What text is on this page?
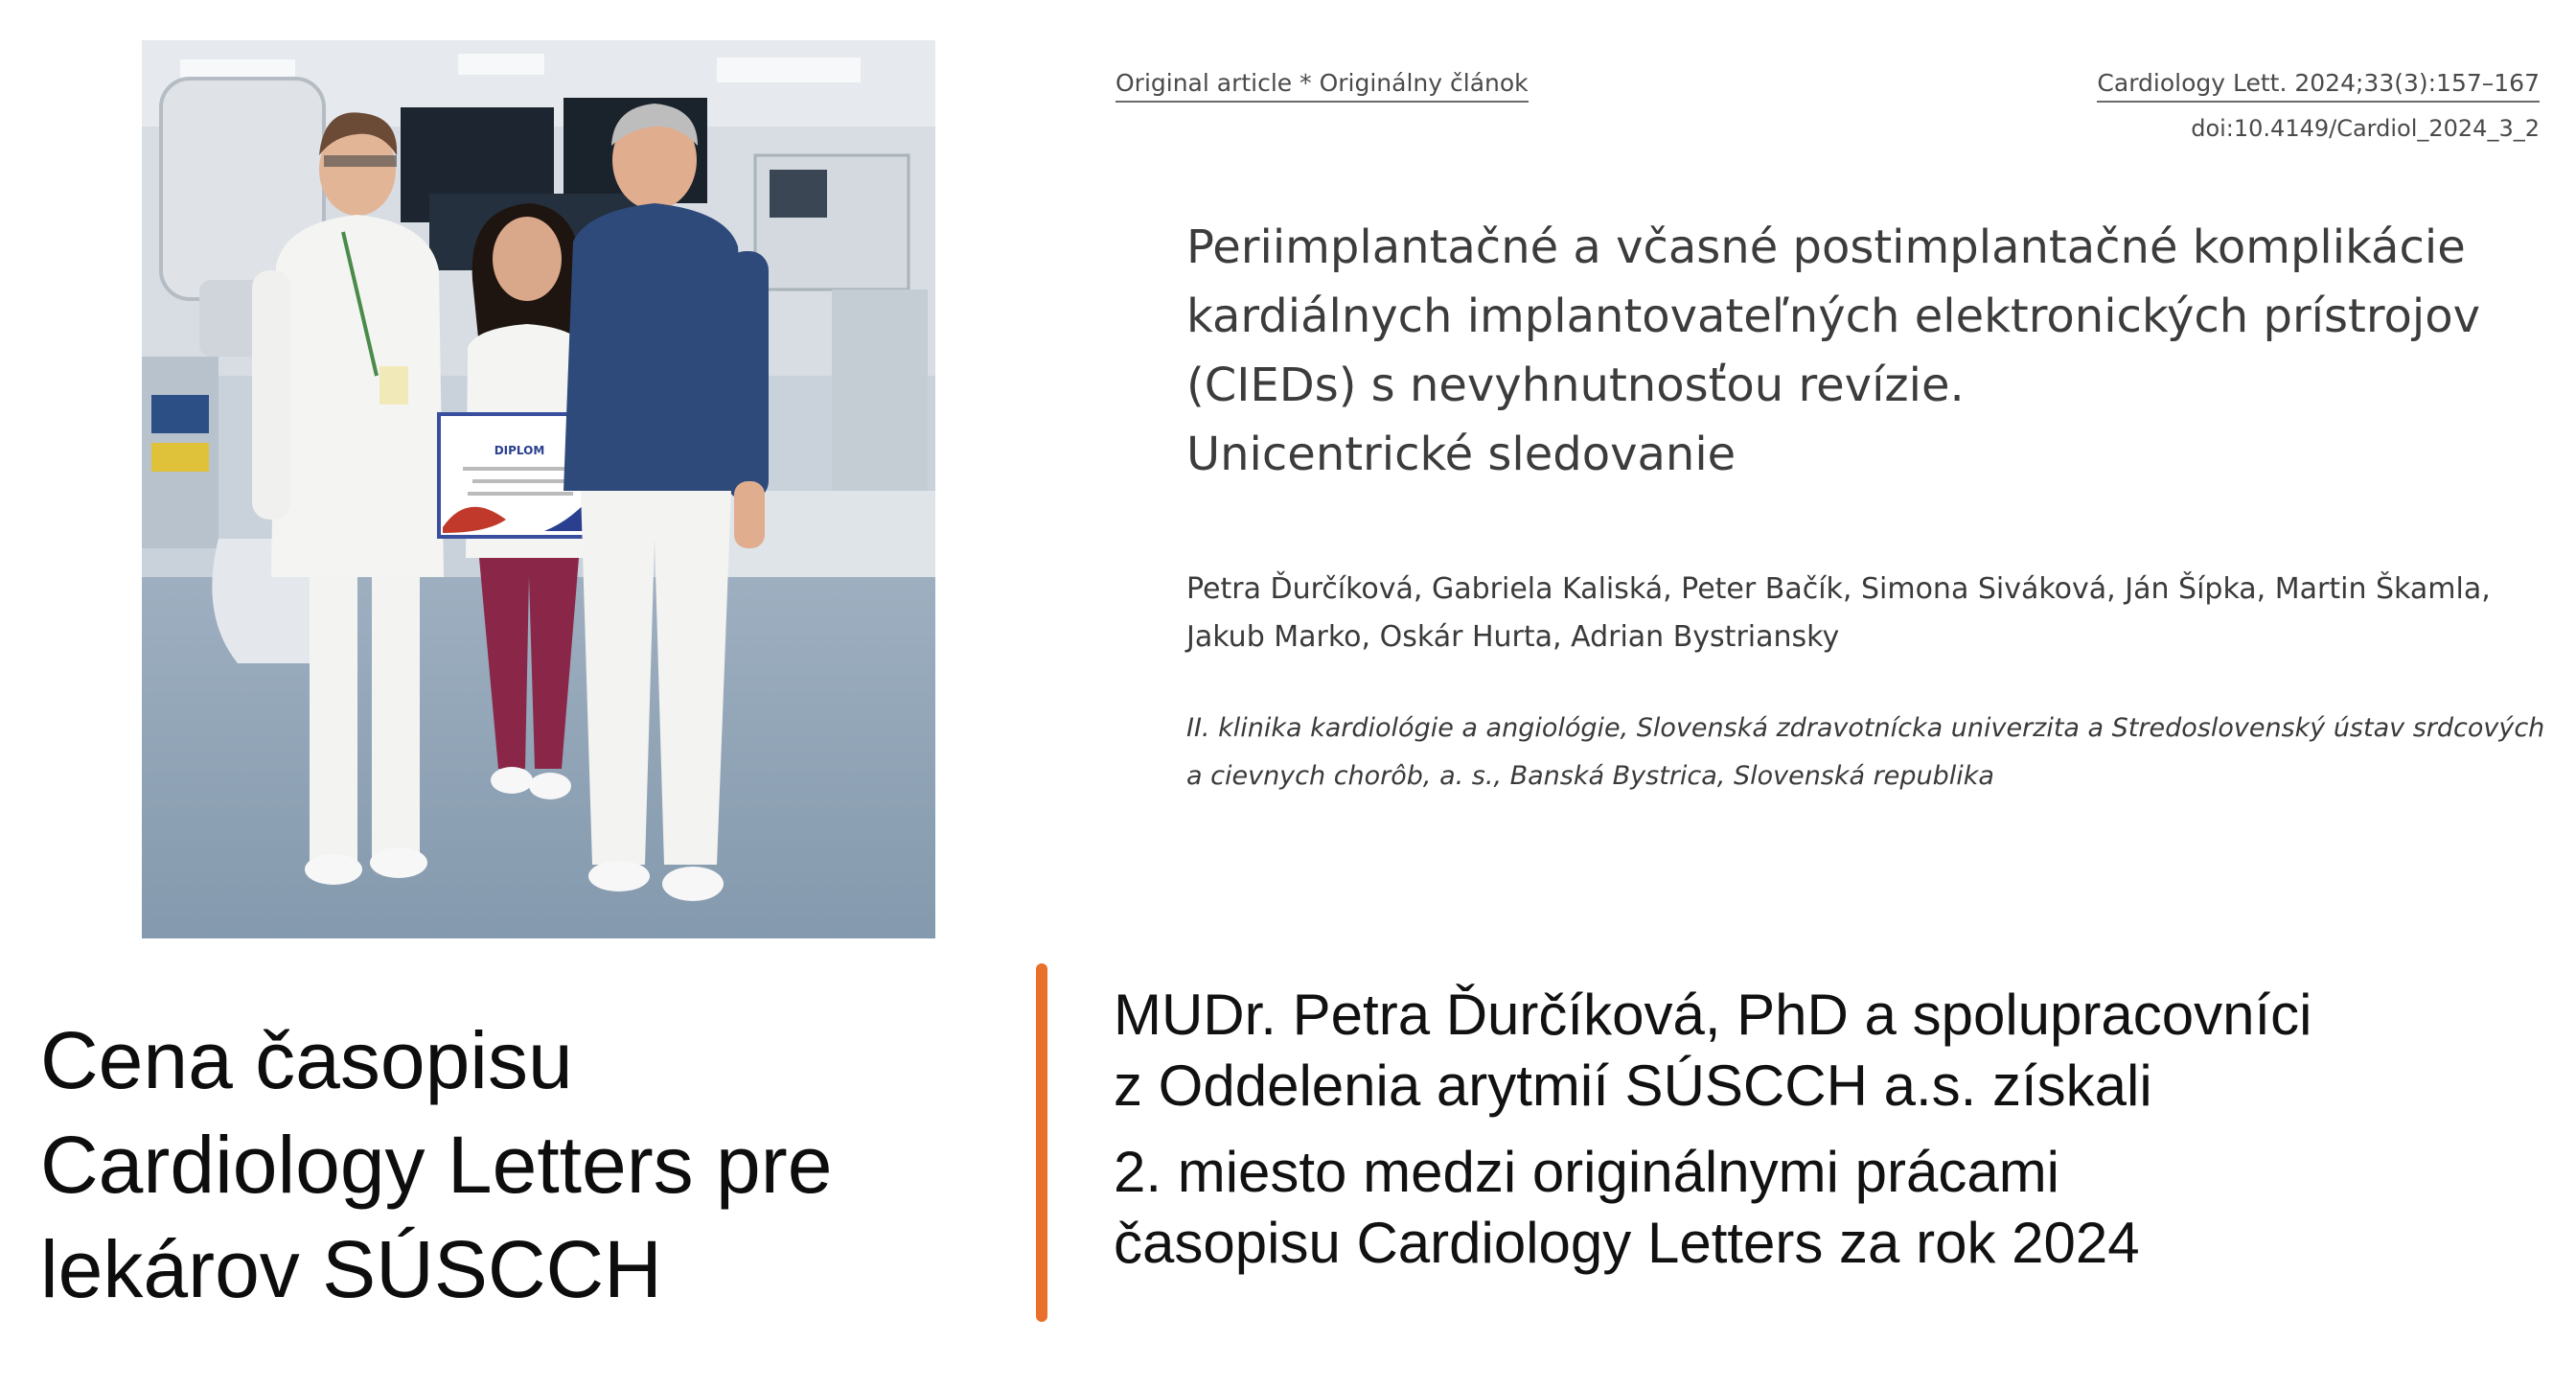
DIPLOM
Original article * Originálny článok	Cardiology Lett. 2024;33(3):157–167
doi:10.4149/Cardiol_2024_3_2
Periimplantačné a včasné postimplantačné komplikácie
kardiálnych implantovateľných elektronických prístrojov
(CIEDs) s nevyhnutnosťou revízie.
Unicentrické sledovanie
Petra Ďurčíková, Gabriela Kaliská, Peter Bačík, Simona Siváková, Ján Šípka, Martin Škamla,
Jakub Marko, Oskár Hurta, Adrian Bystriansky
II. klinika kardiológie a angiológie, Slovenská zdravotnícka univerzita a Stredoslovenský ústav srdcových
a cievnych chorôb, a. s., Banská Bystrica, Slovenská republika
Cena časopisu
Cardiology Letters pre
lekárov SÚSCCH
MUDr. Petra Ďurčíková, PhD a spolupracovníci
z Oddelenia arytmií SÚSCCH a.s. získali
2. miesto medzi originálnymi prácami
časopisu Cardiology Letters za rok 2024
